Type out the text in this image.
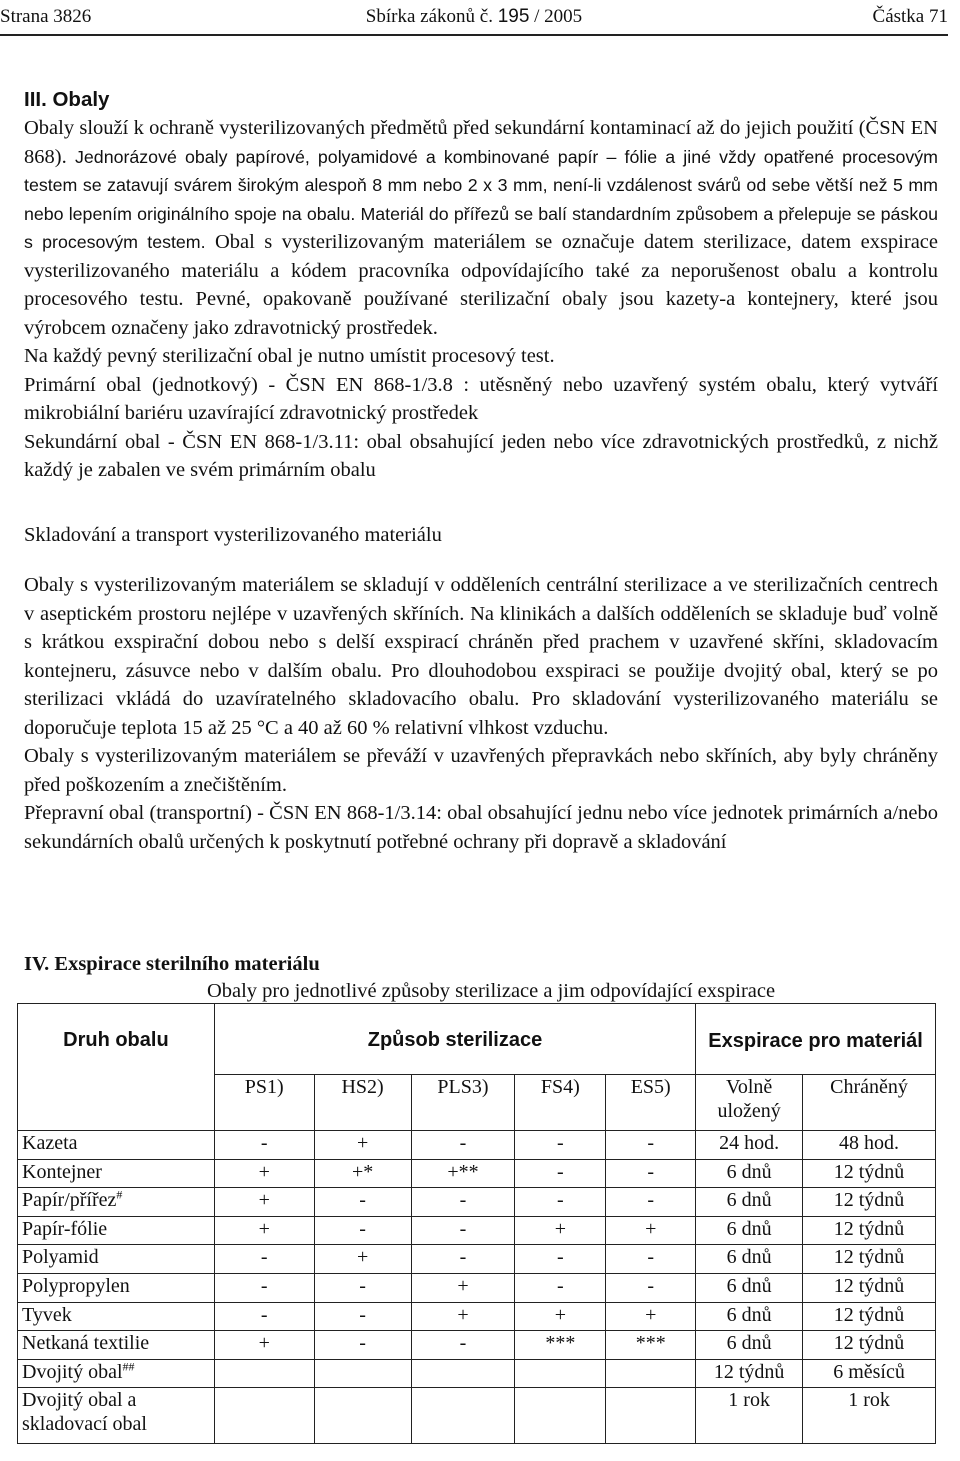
Strana 3826	Sbírka zákonů č. 195 / 2005	Částka 71
III. Obaly

Obaly slouží k ochraně vysterilizovaných předmětů před sekundární kontaminací až do jejich použití (ČSN EN 868). Jednorázové obaly papírové, polyamidové a kombinované papír – fólie a jiné vždy opatřené procesovým testem se zatavují svárem širokým alespoň 8 mm nebo 2 x 3 mm, není-li vzdálenost svárů od sebe větší než 5 mm nebo lepením originálního spoje na obalu. Materiál do přířezů se balí standardním způsobem a přelepuje se páskou s procesovým testem. Obal s vysterilizovaným materiálem se označuje datem sterilizace, datem exspirace vysterilizovaného materiálu a kódem pracovníka odpovídajícího také za neporušenost obalu a kontrolu procesového testu. Pevné, opakovaně používané sterilizační obaly jsou kazety-a kontejnery, které jsou výrobcem označeny jako zdravotnický prostředek.

Na každý pevný sterilizační obal je nutno umístit procesový test.

Primární obal (jednotkový) - ČSN EN 868-1/3.8 : utěsněný nebo uzavřený systém obalu, který vytváří mikrobiální bariéru uzavírající zdravotnický prostředek

Sekundární obal - ČSN EN 868-1/3.11: obal obsahující jeden nebo více zdravotnických prostředků, z nichž každý je zabalen ve svém primárním obalu

Skladování a transport vysterilizovaného materiálu

Obaly s vysterilizovaným materiálem se skladují v odděleních centrální sterilizace a ve sterilizačních centrech v aseptickém prostoru nejlépe v uzavřených skříních. Na klinikách a dalších odděleních se skladuje buď volně s krátkou exspirační dobou nebo s delší exspirací chráněn před prachem v uzavřené skříni, skladovacím kontejneru, zásuvce nebo v dalším obalu. Pro dlouhodobou exspiraci se použije dvojitý obal, který se po sterilizaci vkládá do uzavíratelného skladovacího obalu. Pro skladování vysterilizovaného materiálu se doporučuje teplota 15 až 25 °C a 40 až 60 % relativní vlhkost vzduchu.

Obaly s vysterilizovaným materiálem se převáží v uzavřených přepravkách nebo skříních, aby byly chráněny před poškozením a znečištěním.

Přepravní obal (transportní) - ČSN EN 868-1/3.14: obal obsahující jednu nebo více jednotek primárních a/nebo sekundárních obalů určených k poskytnutí potřebné ochrany při dopravě a skladování

IV. Exspirace sterilního materiálu
Obaly pro jednotlivé způsoby sterilizace a jim odpovídající exspirace
Druh obalu	Způsob sterilizace					Exspirace pro materiál	
	PS1)	HS2)	PLS3)	FS4)	ES5)	Volně uložený	Chráněný
Kazeta	-	+	-	-	-	24 hod.	48 hod.
Kontejner	+	+*	+**	-	-	6 dnů	12 týdnů
Papír/přířez#	+	-	-	-	-	6 dnů	12 týdnů
Papír-fólie	+	-	-	+	+	6 dnů	12 týdnů
Polyamid	-	+	-	-	-	6 dnů	12 týdnů
Polypropylen	-	-	+	-	-	6 dnů	12 týdnů
Tyvek	-	-	+	+	+	6 dnů	12 týdnů
Netkaná textilie	+	-	-	***	***	6 dnů	12 týdnů
Dvojitý obal##						12 týdnů	6 měsíců
Dvojitý obal a skladovací obal						1 rok	1 rok
